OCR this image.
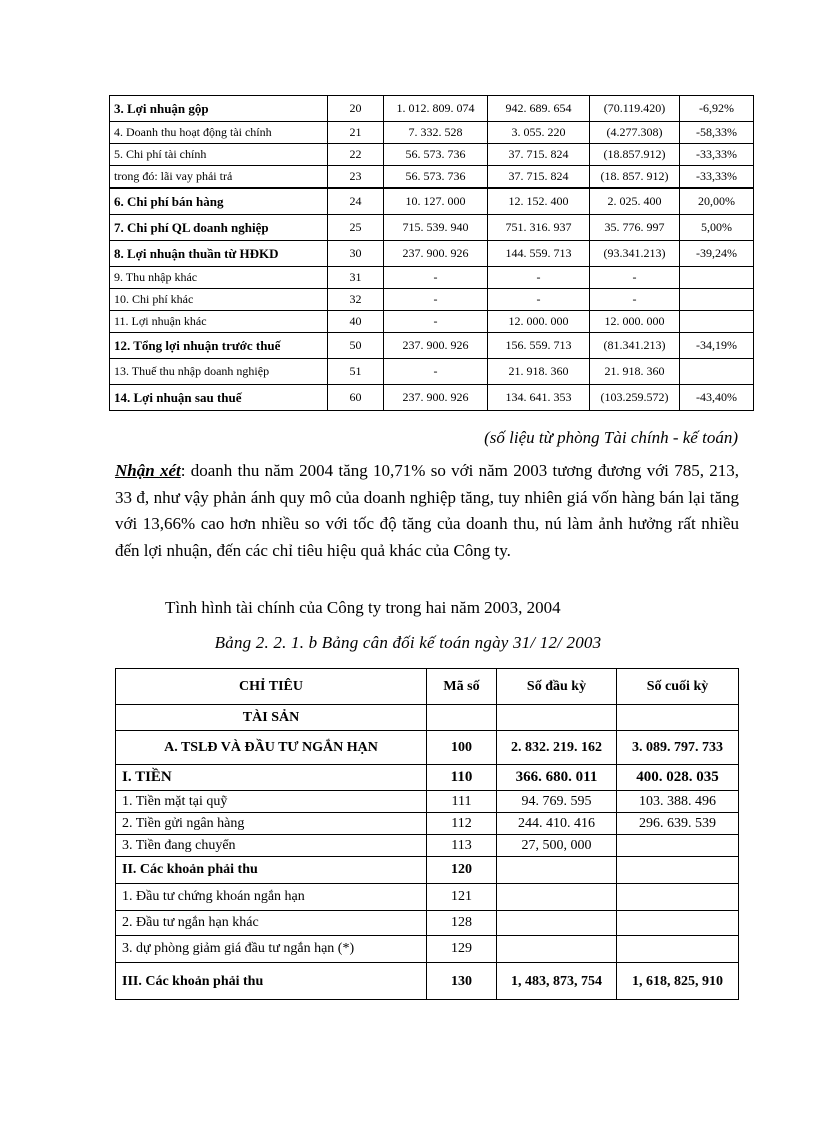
3. Lợi nhuận gộp	20	1. 012. 809. 074	942. 689. 654	(70.119.420)	-6,92%
4. Doanh thu hoạt động tài chính	21	7. 332. 528	3. 055. 220	(4.277.308)	-58,33%
5. Chi phí tài chính	22	56. 573. 736	37. 715. 824	(18.857.912)	-33,33%
trong đó: lãi vay phải trả	23	56. 573. 736	37. 715. 824	(18. 857. 912)	-33,33%
6. Chi phí bán hàng	24	10. 127. 000	12. 152. 400	2. 025. 400	20,00%
7. Chi phí QL doanh nghiệp	25	715. 539. 940	751. 316. 937	35. 776. 997	5,00%
8. Lợi nhuận thuần từ HĐKD	30	237. 900. 926	144. 559. 713	(93.341.213)	-39,24%
9. Thu nhập khác	31	-	-	-	
10. Chi phí khác	32	-	-	-	
11. Lợi nhuận khác	40	-	12. 000. 000	12. 000. 000	
12. Tổng lợi nhuận trước thuế	50	237. 900. 926	156. 559. 713	(81.341.213)	-34,19%
13. Thuế thu nhập doanh nghiệp	51	-	21. 918. 360	21. 918. 360	
14. Lợi nhuận sau thuế	60	237. 900. 926	134. 641. 353	(103.259.572)	-43,40%
(số liệu từ phòng Tài chính - kế toán)
Nhận xét: doanh thu năm 2004 tăng 10,71% so với năm 2003 tương đương với 785, 213, 33 đ, như vậy phản ánh quy mô của doanh nghiệp tăng, tuy nhiên giá vốn hàng bán lại tăng với 13,66% cao hơn nhiều so với tốc độ tăng của doanh thu, nú làm ảnh hưởng rất nhiều đến lợi nhuận, đến các chỉ tiêu hiệu quả khác của Công ty.
Tình hình tài chính của Công ty trong hai năm 2003, 2004
Bảng 2. 2. 1. b Bảng cân đối kế toán ngày 31/ 12/ 2003
CHỈ TIÊU	Mã số	Số đầu kỳ	Số cuối kỳ
TÀI SẢN			
A. TSLĐ VÀ ĐẦU TƯ NGẮN HẠN	100	2. 832. 219. 162	3. 089. 797. 733
I. TIỀN	110	366. 680. 011	400. 028. 035
1. Tiền mặt tại quỹ	111	94. 769. 595	103. 388. 496
2. Tiền gửi ngân hàng	112	244. 410. 416	296. 639. 539
3. Tiền đang chuyển	113	27, 500, 000	
II. Các khoản phải thu	120		
1. Đầu tư chứng khoán ngắn hạn	121		
2. Đầu tư ngắn hạn khác	128		
3. dự phòng giảm giá đầu tư ngắn hạn (*)	129		
III. Các khoản phải thu	130	1, 483, 873, 754	1, 618, 825, 910
